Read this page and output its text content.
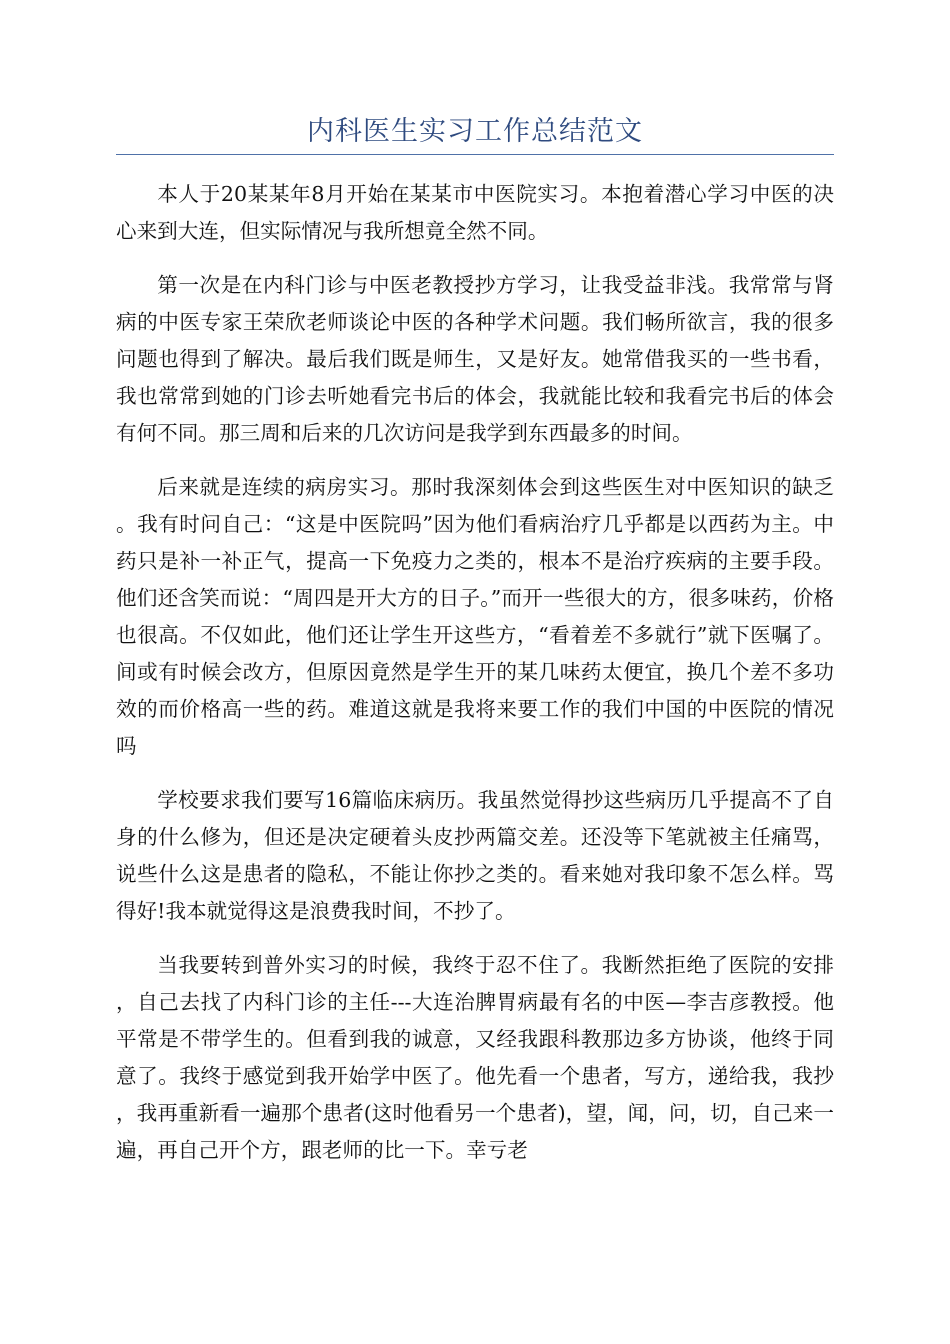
内科医生实习工作总结范文

本人于20某某年8月开始在某某市中医院实习。本抱着潜心学习中医的决心来到大连，但实际情况与我所想竟全然不同。

第一次是在内科门诊与中医老教授抄方学习，让我受益非浅。我常常与肾病的中医专家王荣欣老师谈论中医的各种学术问题。我们畅所欲言，我的很多问题也得到了解决。最后我们既是师生，又是好友。她常借我买的一些书看，我也常常到她的门诊去听她看完书后的体会，我就能比较和我看完书后的体会有何不同。那三周和后来的几次访问是我学到东西最多的时间。

后来就是连续的病房实习。那时我深刻体会到这些医生对中医知识的缺乏。我有时问自己：“这是中医院吗”因为他们看病治疗几乎都是以西药为主。中药只是补一补正气，提高一下免疫力之类的，根本不是治疗疾病的主要手段。他们还含笑而说：“周四是开大方的日子。”而开一些很大的方，很多味药，价格也很高。不仅如此，他们还让学生开这些方，“看着差不多就行”就下医嘱了。间或有时候会改方，但原因竟然是学生开的某几味药太便宜，换几个差不多功效的而价格高一些的药。难道这就是我将来要工作的我们中国的中医院的情况吗

学校要求我们要写16篇临床病历。我虽然觉得抄这些病历几乎提高不了自身的什么修为，但还是决定硬着头皮抄两篇交差。还没等下笔就被主任痛骂，说些什么这是患者的隐私，不能让你抄之类的。看来她对我印象不怎么样。骂得好!我本就觉得这是浪费我时间，不抄了。

当我要转到普外实习的时候，我终于忍不住了。我断然拒绝了医院的安排，自己去找了内科门诊的主任---大连治脾胃病最有名的中医—李吉彦教授。他平常是不带学生的。但看到我的诚意，又经我跟科教那边多方协谈，他终于同意了。我终于感觉到我开始学中医了。他先看一个患者，写方，递给我，我抄，我再重新看一遍那个患者(这时他看另一个患者)，望，闻，问，切，自己来一遍，再自己开个方，跟老师的比一下。幸亏老
